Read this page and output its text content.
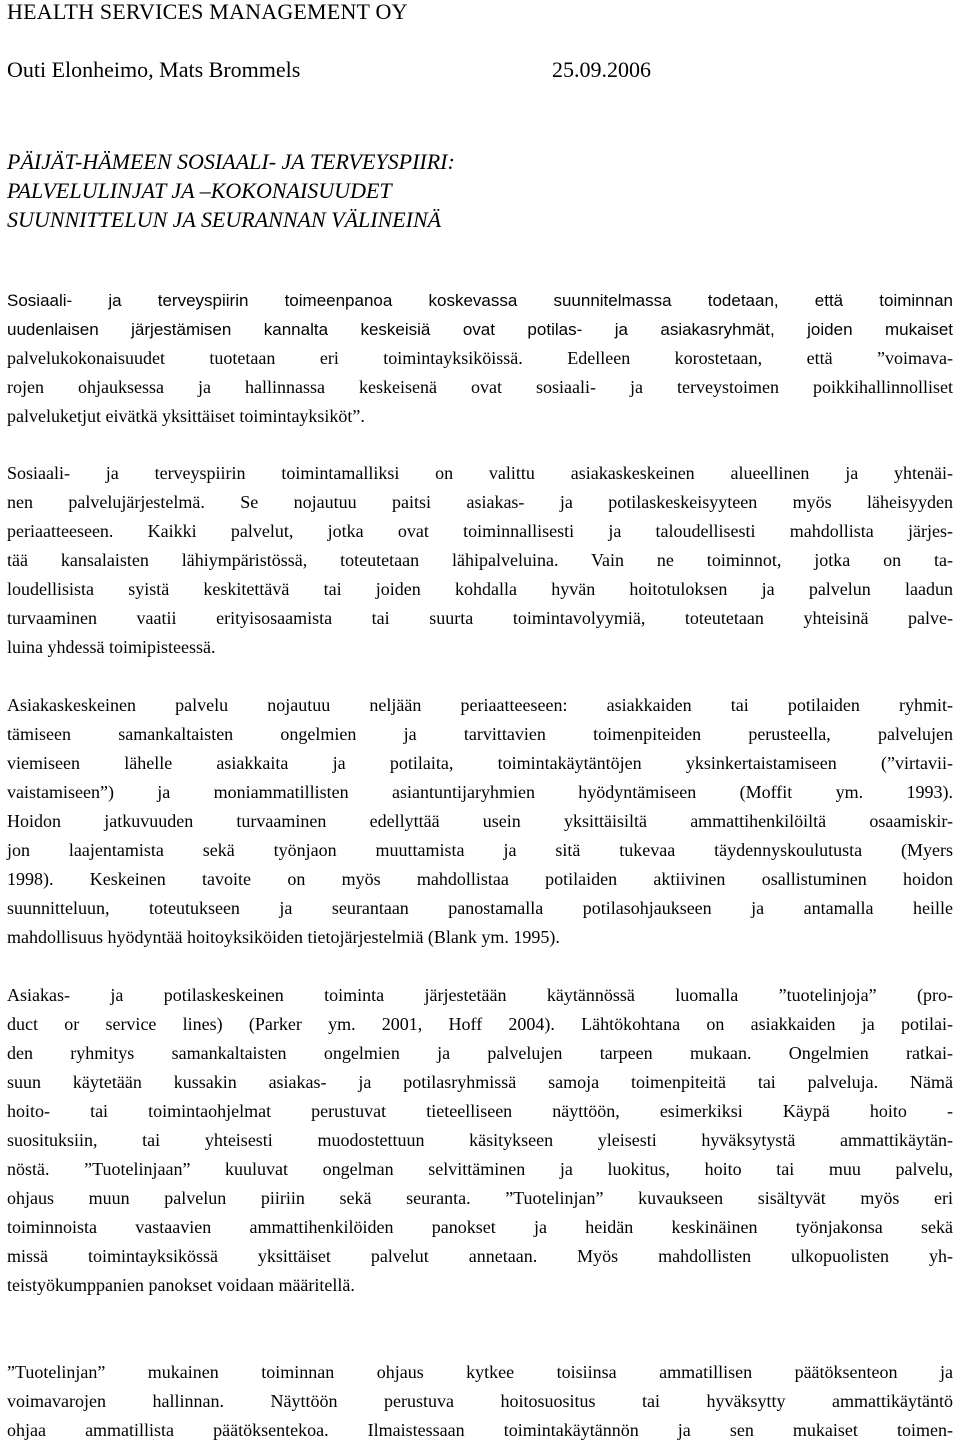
HEALTH SERVICES MANAGEMENT OY
Outi Elonheimo, Mats Brommels	25.09.2006
PÄIJÄT-HÄMEEN SOSIAALI- JA TERVEYSPIIRI:
PALVELULINJAT JA –KOKONAISUUDET
SUUNNITTELUN JA SEURANNAN VÄLINEINÄ
Sosiaali- ja terveyspiirin toimeenpanoa koskevassa suunnitelmassa todetaan, että toiminnan
uudenlaisen järjestämisen kannalta keskeisiä ovat potilas- ja asiakasryhmät, joiden mukaiset
palvelukokonaisuudet tuotetaan eri toimintayksiköissä. Edelleen korostetaan, että ”voimava-
rojen ohjauksessa ja hallinnassa keskeisenä ovat sosiaali- ja terveystoimen poikkihallinnolliset
palveluketjut eivätkä yksittäiset toimintayksiköt”.
Sosiaali- ja terveyspiirin toimintamalliksi on valittu asiakaskeskeinen alueellinen ja yhtenäi-
nen palvelujärjestelmä. Se nojautuu paitsi asiakas- ja potilaskeskeisyyteen myös läheisyyden
periaatteeseen. Kaikki palvelut, jotka ovat toiminnallisesti ja taloudellisesti mahdollista järjes-
tää kansalaisten lähiympäristössä, toteutetaan lähipalveluina. Vain ne toiminnot, jotka on ta-
loudellisista syistä keskitettävä tai joiden kohdalla hyvän hoitotuloksen ja palvelun laadun
turvaaminen vaatii erityisosaamista tai suurta toimintavolyymiä, toteutetaan yhteisinä palve-
luina yhdessä toimipisteessä.
Asiakaskeskeinen palvelu nojautuu neljään periaatteeseen: asiakkaiden tai potilaiden ryhmit-
tämiseen samankaltaisten ongelmien ja tarvittavien toimenpiteiden perusteella, palvelujen
viemiseen lähelle asiakkaita ja potilaita, toimintakäytäntöjen yksinkertaistamiseen (”virtavii-
vaistamiseen”) ja moniammatillisten asiantuntijaryhmien hyödyntämiseen (Moffit ym. 1993).
Hoidon jatkuvuuden turvaaminen edellyttää usein yksittäisiltä ammattihenkilöiltä osaamiskir-
jon laajentamista sekä työnjaon muuttamista ja sitä tukevaa täydennyskoulutusta (Myers
1998). Keskeinen tavoite on myös mahdollistaa potilaiden aktiivinen osallistuminen hoidon
suunnitteluun, toteutukseen ja seurantaan panostamalla potilasohjaukseen ja antamalla heille
mahdollisuus hyödyntää hoitoyksiköiden tietojärjestelmiä (Blank ym. 1995).
Asiakas- ja potilaskeskeinen toiminta järjestetään käytännössä luomalla ”tuotelinjoja” (pro-
duct or service lines) (Parker ym. 2001, Hoff 2004). Lähtökohtana on asiakkaiden ja potilai-
den ryhmitys samankaltaisten ongelmien ja palvelujen tarpeen mukaan. Ongelmien ratkai-
suun käytetään kussakin asiakas- ja potilasryhmissä samoja toimenpiteitä tai palveluja. Nämä
hoito- tai toimintaohjelmat perustuvat tieteelliseen näyttöön, esimerkiksi Käypä hoito -
suosituksiin, tai yhteisesti muodostettuun käsitykseen yleisesti hyväksytystä ammattikäytän-
nöstä. ”Tuotelinjaan” kuuluvat ongelman selvittäminen ja luokitus, hoito tai muu palvelu,
ohjaus muun palvelun piiriin sekä seuranta. ”Tuotelinjan” kuvaukseen sisältyvät myös eri
toiminnoista vastaavien ammattihenkilöiden panokset ja heidän keskinäinen työnjakonsa sekä
missä toimintayksikössä yksittäiset palvelut annetaan. Myös mahdollisten ulkopuolisten yh-
teistyökumppanien panokset voidaan määritellä.
”Tuotelinjan” mukainen toiminnan ohjaus kytkee toisiinsa ammatillisen päätöksenteon ja
voimavarojen hallinnan. Näyttöön perustuva hoitosuositus tai hyväksytty ammattikäytäntö
ohjaa ammatillista päätöksentekoa. Ilmaistessaan toimintakäytännön ja sen mukaiset toimen-
